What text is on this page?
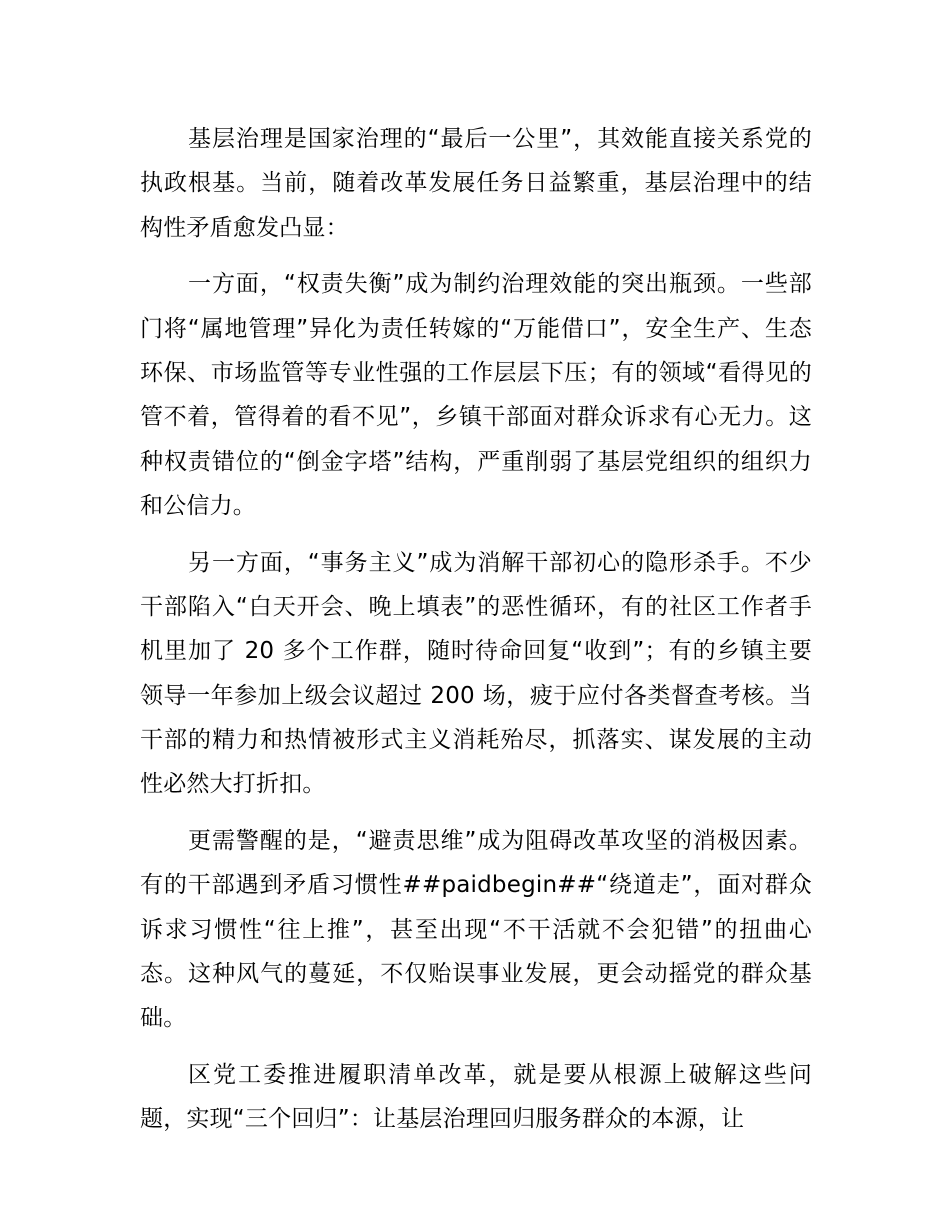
基层治理是国家治理的“最后一公里”，其效能直接关系党的执政根基。当前，随着改革发展任务日益繁重，基层治理中的结构性矛盾愈发凸显：

一方面，“权责失衡”成为制约治理效能的突出瓶颈。一些部门将“属地管理”异化为责任转嫁的“万能借口”，安全生产、生态环保、市场监管等专业性强的工作层层下压；有的领域“看得见的管不着，管得着的看不见”，乡镇干部面对群众诉求有心无力。这种权责错位的“倒金字塔”结构，严重削弱了基层党组织的组织力和公信力。

另一方面，“事务主义”成为消解干部初心的隐形杀手。不少干部陷入“白天开会、晚上填表”的恶性循环，有的社区工作者手机里加了 20 多个工作群，随时待命回复“收到”；有的乡镇主要领导一年参加上级会议超过 200 场，疲于应付各类督查考核。当干部的精力和热情被形式主义消耗殆尽，抓落实、谋发展的主动性必然大打折扣。

更需警醒的是，“避责思维”成为阻碍改革攻坚的消极因素。有的干部遇到矛盾习惯性##paidbegin##“绕道走”，面对群众诉求习惯性“往上推”，甚至出现“不干活就不会犯错”的扭曲心态。这种风气的蔓延，不仅贻误事业发展，更会动摇党的群众基础。

区党工委推进履职清单改革，就是要从根源上破解这些问题，实现“三个回归”：让基层治理回归服务群众的本源，让
